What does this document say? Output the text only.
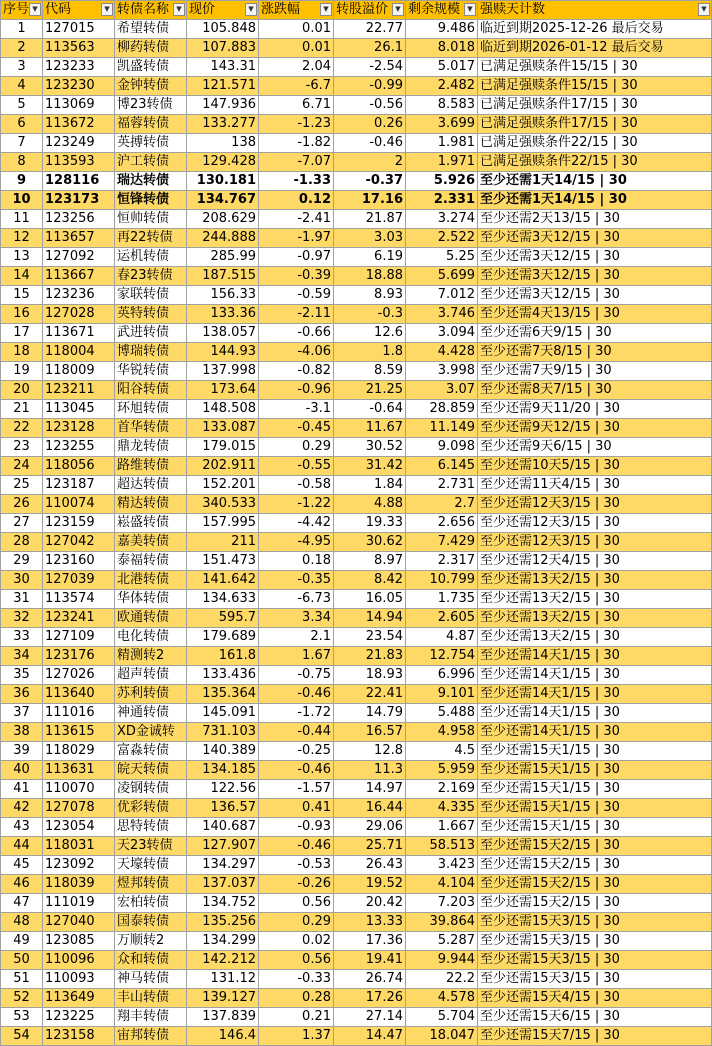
序号 ▼	代码 ▼	转债名称 ▼	现价 ▼	涨跌幅 ▼	转股溢价 ▼	剩余规模 ▼	强赎天计数 ▼

1	127015	希望转债	105.848	0.01	22.77	9.486	临近到期2025-12-26 最后交易
2	113563	柳药转债	107.883	0.01	26.1	8.018	临近到期2026-01-12 最后交易
3	123233	凯盛转债	143.31	2.04	-2.54	5.017	已满足强赎条件15/15 | 30
4	123230	金钟转债	121.571	-6.7	-0.99	2.482	已满足强赎条件15/15 | 30
5	113069	博23转债	147.936	6.71	-0.56	8.583	已满足强赎条件17/15 | 30
6	113672	福蓉转债	133.277	-1.23	0.26	3.699	已满足强赎条件17/15 | 30
7	123249	英搏转债	138	-1.82	-0.46	1.981	已满足强赎条件22/15 | 30
8	113593	沪工转债	129.428	-7.07	2	1.971	已满足强赎条件22/15 | 30
9	128116	瑞达转债	130.181	-1.33	-0.37	5.926	至少还需1天14/15 | 30
10	123173	恒锋转债	134.767	0.12	17.16	2.331	至少还需1天14/15 | 30
11	123256	恒帅转债	208.629	-2.41	21.87	3.274	至少还需2天13/15 | 30
12	113657	再22转债	244.888	-1.97	3.03	2.522	至少还需3天12/15 | 30
13	127092	运机转债	285.99	-0.97	6.19	5.25	至少还需3天12/15 | 30
14	113667	春23转债	187.515	-0.39	18.88	5.699	至少还需3天12/15 | 30
15	123236	家联转债	156.33	-0.59	8.93	7.012	至少还需3天12/15 | 30
16	127028	英特转债	133.36	-2.11	-0.3	3.746	至少还需4天13/15 | 30
17	113671	武进转债	138.057	-0.66	12.6	3.094	至少还需6天9/15 | 30
18	118004	博瑞转债	144.93	-4.06	1.8	4.428	至少还需7天8/15 | 30
19	118009	华锐转债	137.998	-0.82	8.59	3.998	至少还需7天9/15 | 30
20	123211	阳谷转债	173.64	-0.96	21.25	3.07	至少还需8天7/15 | 30
21	113045	环旭转债	148.508	-3.1	-0.64	28.859	至少还需9天11/20 | 30
22	123128	首华转债	133.087	-0.45	11.67	11.149	至少还需9天12/15 | 30
23	123255	鼎龙转债	179.015	0.29	30.52	9.098	至少还需9天6/15 | 30
24	118056	路维转债	202.911	-0.55	31.42	6.145	至少还需10天5/15 | 30
25	123187	超达转债	152.201	-0.58	1.84	2.731	至少还需11天4/15 | 30
26	110074	精达转债	340.533	-1.22	4.88	2.7	至少还需12天3/15 | 30
27	123159	崧盛转债	157.995	-4.42	19.33	2.656	至少还需12天3/15 | 30
28	127042	嘉美转债	211	-4.95	30.62	7.429	至少还需12天3/15 | 30
29	123160	泰福转债	151.473	0.18	8.97	2.317	至少还需12天4/15 | 30
30	127039	北港转债	141.642	-0.35	8.42	10.799	至少还需13天2/15 | 30
31	113574	华体转债	134.633	-6.73	16.05	1.735	至少还需13天2/15 | 30
32	123241	欧通转债	595.7	3.34	14.94	2.605	至少还需13天2/15 | 30
33	127109	电化转债	179.689	2.1	23.54	4.87	至少还需13天2/15 | 30
34	123176	精测转2	161.8	1.67	21.83	12.754	至少还需14天1/15 | 30
35	127026	超声转债	133.436	-0.75	18.93	6.996	至少还需14天1/15 | 30
36	113640	苏利转债	135.364	-0.46	22.41	9.101	至少还需14天1/15 | 30
37	111016	神通转债	145.091	-1.72	14.79	5.488	至少还需14天1/15 | 30
38	113615	XD金诚转	731.103	-0.44	16.57	4.958	至少还需14天1/15 | 30
39	118029	富淼转债	140.389	-0.25	12.8	4.5	至少还需15天1/15 | 30
40	113631	皖天转债	134.185	-0.46	11.3	5.959	至少还需15天1/15 | 30
41	110070	凌钢转债	122.56	-1.57	14.97	2.169	至少还需15天1/15 | 30
42	127078	优彩转债	136.57	0.41	16.44	4.335	至少还需15天1/15 | 30
43	123054	思特转债	140.687	-0.93	29.06	1.667	至少还需15天1/15 | 30
44	118031	天23转债	127.907	-0.46	25.71	58.513	至少还需15天2/15 | 30
45	123092	天壕转债	134.297	-0.53	26.43	3.423	至少还需15天2/15 | 30
46	118039	煜邦转债	137.037	-0.26	19.52	4.104	至少还需15天2/15 | 30
47	111019	宏柏转债	134.752	0.56	20.42	7.203	至少还需15天2/15 | 30
48	127040	国泰转债	135.256	0.29	13.33	39.864	至少还需15天3/15 | 30
49	123085	万顺转2	134.299	0.02	17.36	5.287	至少还需15天3/15 | 30
50	110096	众和转债	142.212	0.56	19.41	9.944	至少还需15天3/15 | 30
51	110093	神马转债	131.12	-0.33	26.74	22.2	至少还需15天3/15 | 30
52	113649	丰山转债	139.127	0.28	17.26	4.578	至少还需15天4/15 | 30
53	123225	翔丰转债	137.839	0.21	27.14	5.704	至少还需15天6/15 | 30
54	123158	宙邦转债	146.4	1.37	14.47	18.047	至少还需15天7/15 | 30
